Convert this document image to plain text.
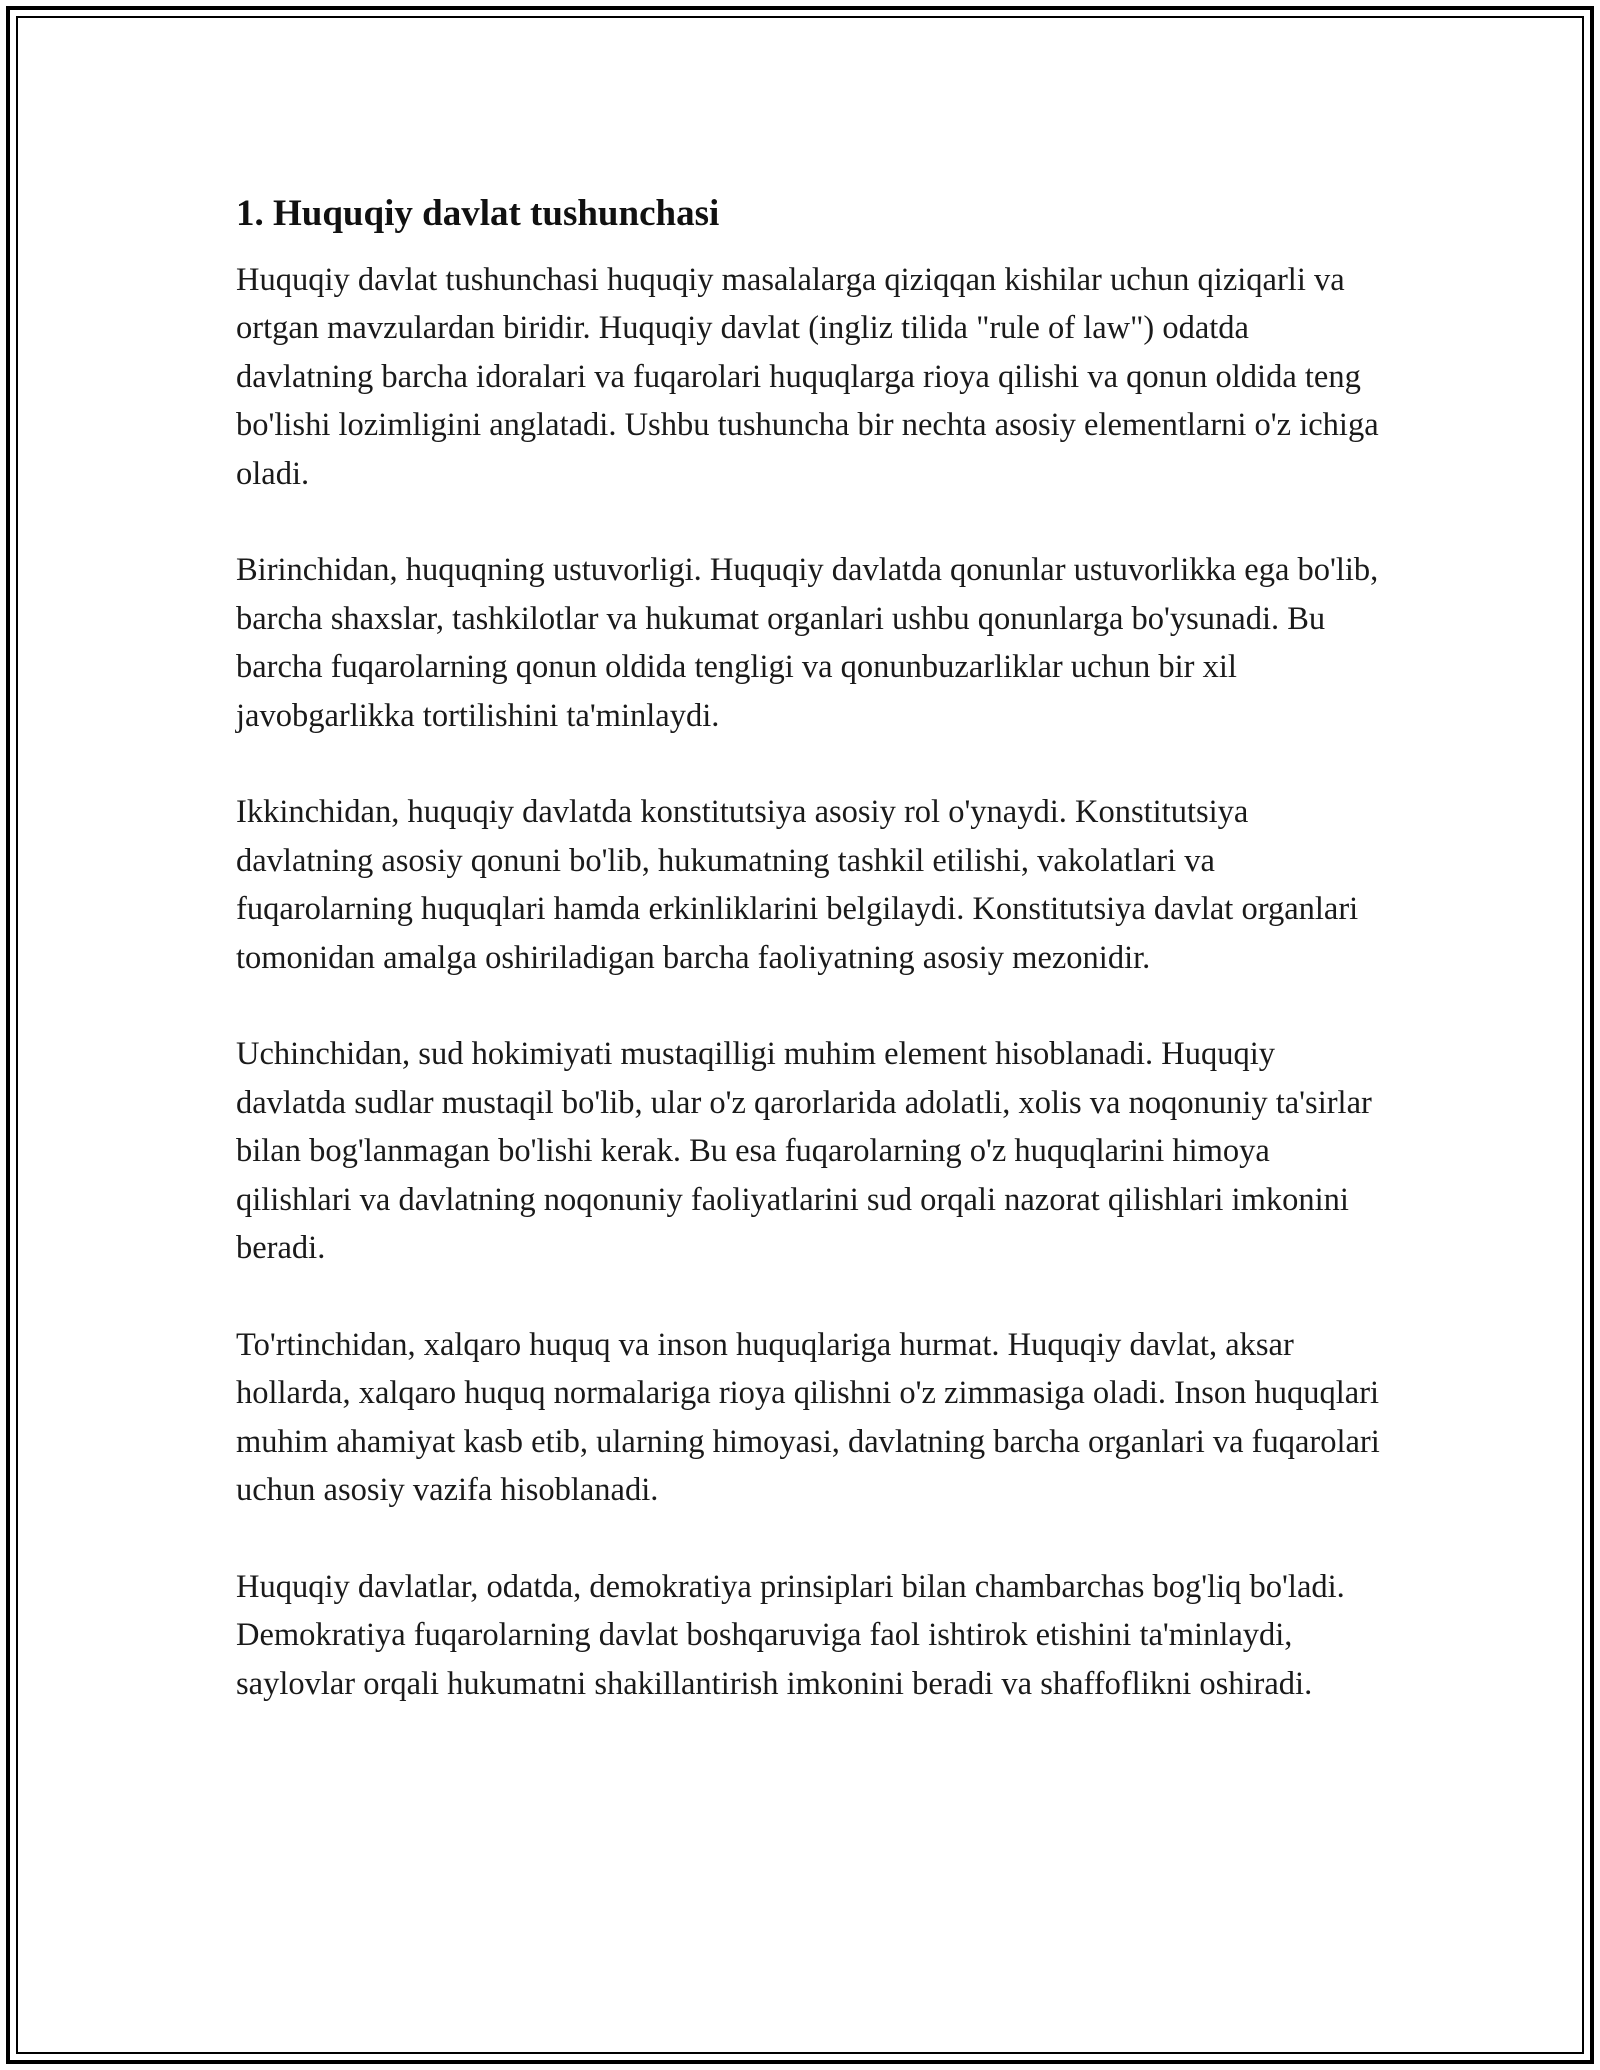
1. Huquqiy davlat tushunchasi

Huquqiy davlat tushunchasi huquqiy masalalarga qiziqqan kishilar uchun qiziqarli va ortgan mavzulardan biridir. Huquqiy davlat (ingliz tilida "rule of law") odatda davlatning barcha idoralari va fuqarolari huquqlarga rioya qilishi va qonun oldida teng bo'lishi lozimligini anglatadi. Ushbu tushuncha bir nechta asosiy elementlarni o'z ichiga oladi.

Birinchidan, huquqning ustuvorligi. Huquqiy davlatda qonunlar ustuvorlikka ega bo'lib, barcha shaxslar, tashkilotlar va hukumat organlari ushbu qonunlarga bo'ysunadi. Bu barcha fuqarolarning qonun oldida tengligi va qonunbuzarliklar uchun bir xil javobgarlikka tortilishini ta'minlaydi.

Ikkinchidan, huquqiy davlatda konstitutsiya asosiy rol o'ynaydi. Konstitutsiya davlatning asosiy qonuni bo'lib, hukumatning tashkil etilishi, vakolatlari va fuqarolarning huquqlari hamda erkinliklarini belgilaydi. Konstitutsiya davlat organlari tomonidan amalga oshiriladigan barcha faoliyatning asosiy mezonidir.

Uchinchidan, sud hokimiyati mustaqilligi muhim element hisoblanadi. Huquqiy davlatda sudlar mustaqil bo'lib, ular o'z qarorlarida adolatli, xolis va noqonuniy ta'sirlar bilan bog'lanmagan bo'lishi kerak. Bu esa fuqarolarning o'z huquqlarini himoya qilishlari va davlatning noqonuniy faoliyatlarini sud orqali nazorat qilishlari imkonini beradi.

To'rtinchidan, xalqaro huquq va inson huquqlariga hurmat. Huquqiy davlat, aksar hollarda, xalqaro huquq normalariga rioya qilishni o'z zimmasiga oladi. Inson huquqlari muhim ahamiyat kasb etib, ularning himoyasi, davlatning barcha organlari va fuqarolari uchun asosiy vazifa hisoblanadi.

Huquqiy davlatlar, odatda, demokratiya prinsiplari bilan chambarchas bog'liq bo'ladi. Demokratiya fuqarolarning davlat boshqaruviga faol ishtirok etishini ta'minlaydi, saylovlar orqali hukumatni shakillantirish imkonini beradi va shaffoflikni oshiradi.
